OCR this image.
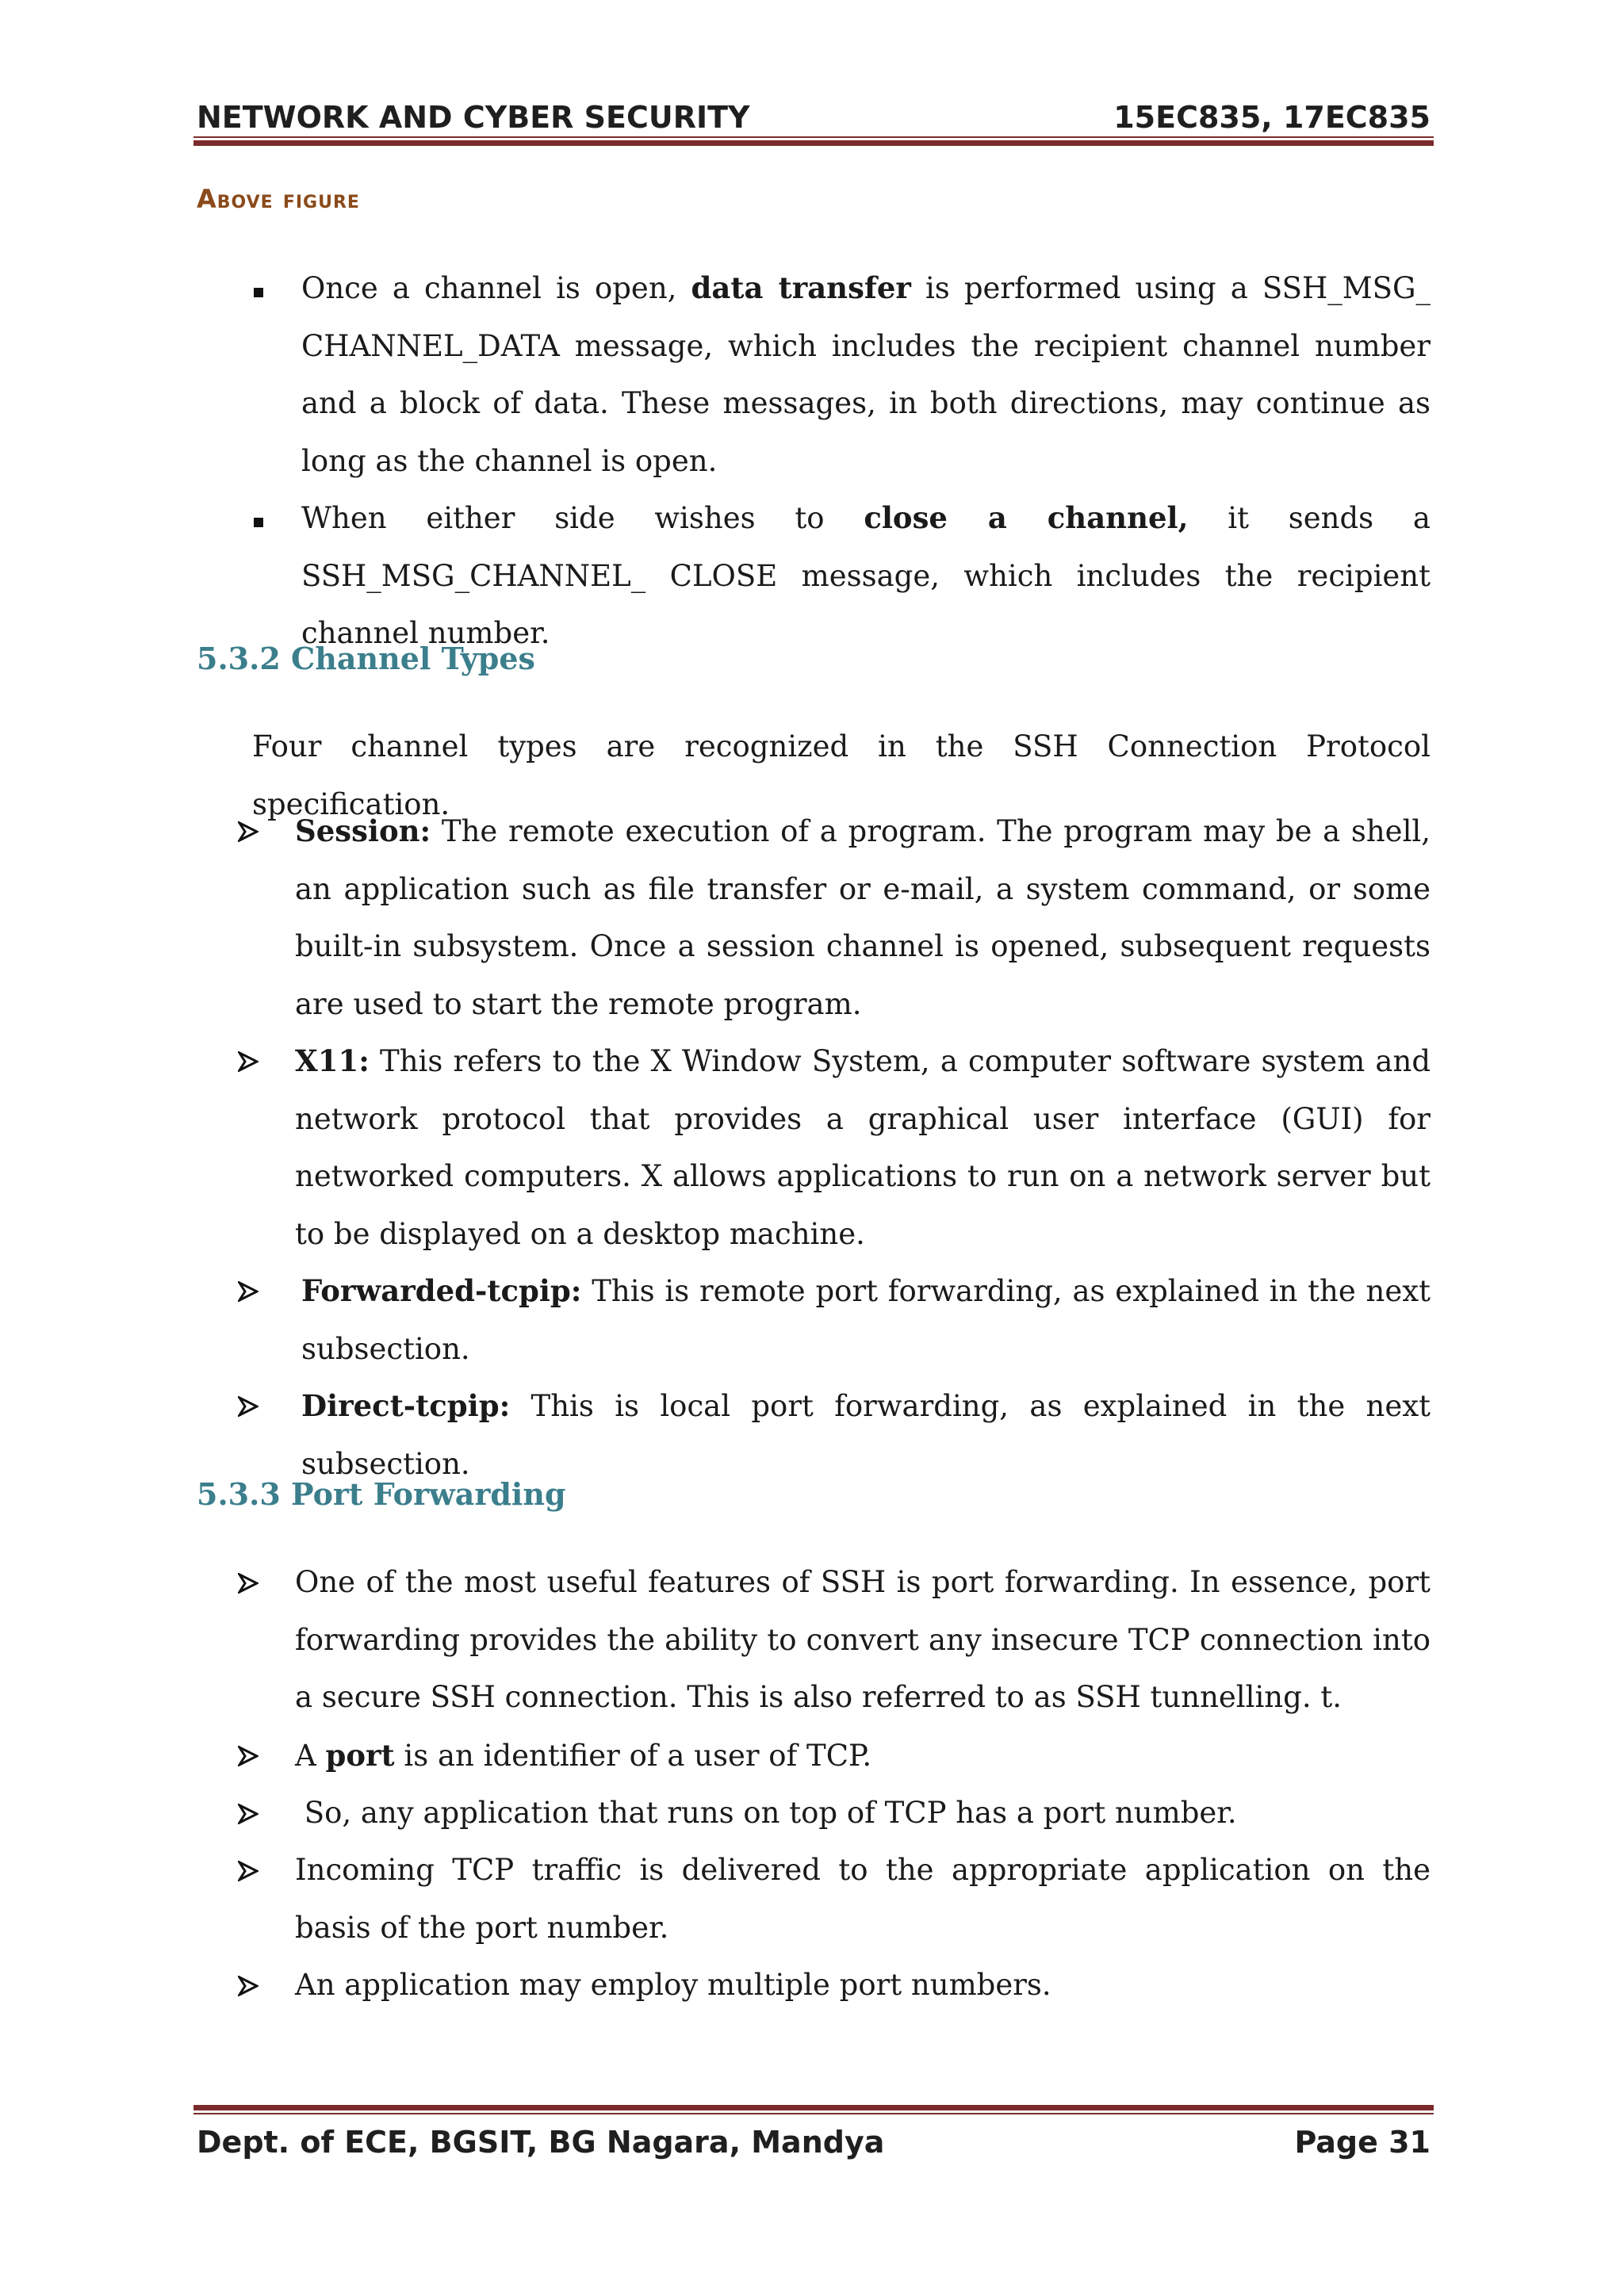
NETWORK AND CYBER SECURITY	15EC835, 17EC835
Above figure
Once a channel is open, data transfer is performed using a SSH_MSG_ CHANNEL_DATA message, which includes the recipient channel number and a block of data. These messages, in both directions, may continue as long as the channel is open.
When either side wishes to close a channel, it sends a SSH_MSG_CHANNEL_ CLOSE message, which includes the recipient channel number.
5.3.2 Channel Types

Four channel types are recognized in the SSH Connection Protocol specification.

Session: The remote execution of a program. The program may be a shell, an application such as file transfer or e-mail, a system command, or some built-in subsystem. Once a session channel is opened, subsequent requests are used to start the remote program.
X11: This refers to the X Window System, a computer software system and network protocol that provides a graphical user interface (GUI) for networked computers. X allows applications to run on a network server but to be displayed on a desktop machine.
Forwarded-tcpip: This is remote port forwarding, as explained in the next subsection.
Direct-tcpip: This is local port forwarding, as explained in the next subsection.
5.3.3 Port Forwarding
One of the most useful features of SSH is port forwarding. In essence, port forwarding provides the ability to convert any insecure TCP connection into a secure SSH connection. This is also referred to as SSH tunnelling. t.
A port is an identifier of a user of TCP.
So, any application that runs on top of TCP has a port number.
Incoming TCP traffic is delivered to the appropriate application on the basis of the port number.
An application may employ multiple port numbers.
Dept. of ECE, BGSIT, BG Nagara, Mandya	Page 31
